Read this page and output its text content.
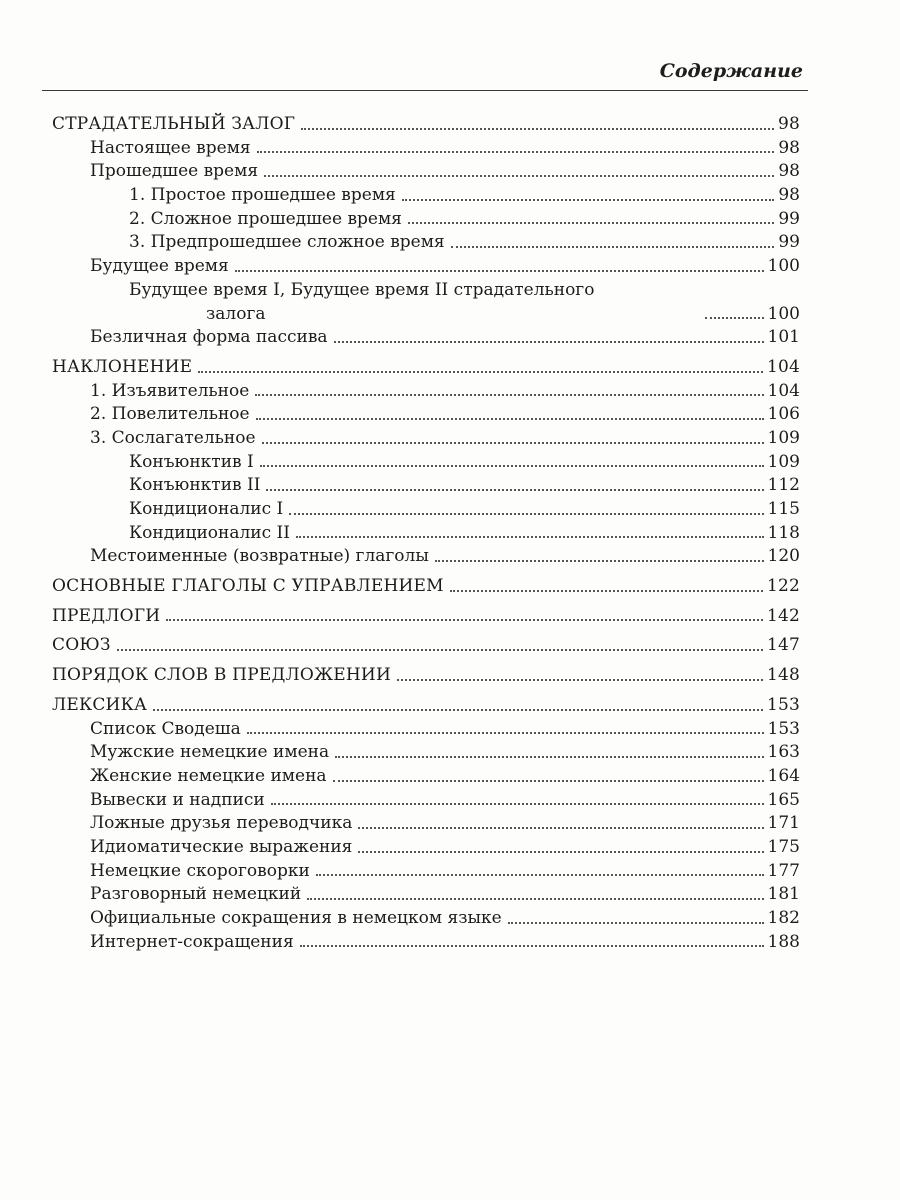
Содержание
СТРАДАТЕЛЬНЫЙ ЗАЛОГ	98
Настоящее время	98
Прошедшее время	98
1. Простое прошедшее время	98
2. Сложное прошедшее время	99
3. Предпрошедшее сложное время	99
Будущее время	100
Будущее время I, Будущее время II страдательного
залога	100
Безличная форма пассива	101
НАКЛОНЕНИЕ	104
1. Изъявительное	104
2. Повелительное	106
3. Сослагательное	109
Конъюнктив I	109
Конъюнктив II	112
Кондиционалис I	115
Кондиционалис II	118
Местоименные (возвратные) глаголы	120
ОСНОВНЫЕ ГЛАГОЛЫ С УПРАВЛЕНИЕМ	122
ПРЕДЛОГИ	142
СОЮЗ	147
ПОРЯДОК СЛОВ В ПРЕДЛОЖЕНИИ	148
ЛЕКСИКА	153
Список Сводеша	153
Мужские немецкие имена	163
Женские немецкие имена	164
Вывески и надписи	165
Ложные друзья переводчика	171
Идиоматические выражения	175
Немецкие скороговорки	177
Разговорный немецкий	181
Официальные сокращения в немецком языке	182
Интернет-сокращения	188
